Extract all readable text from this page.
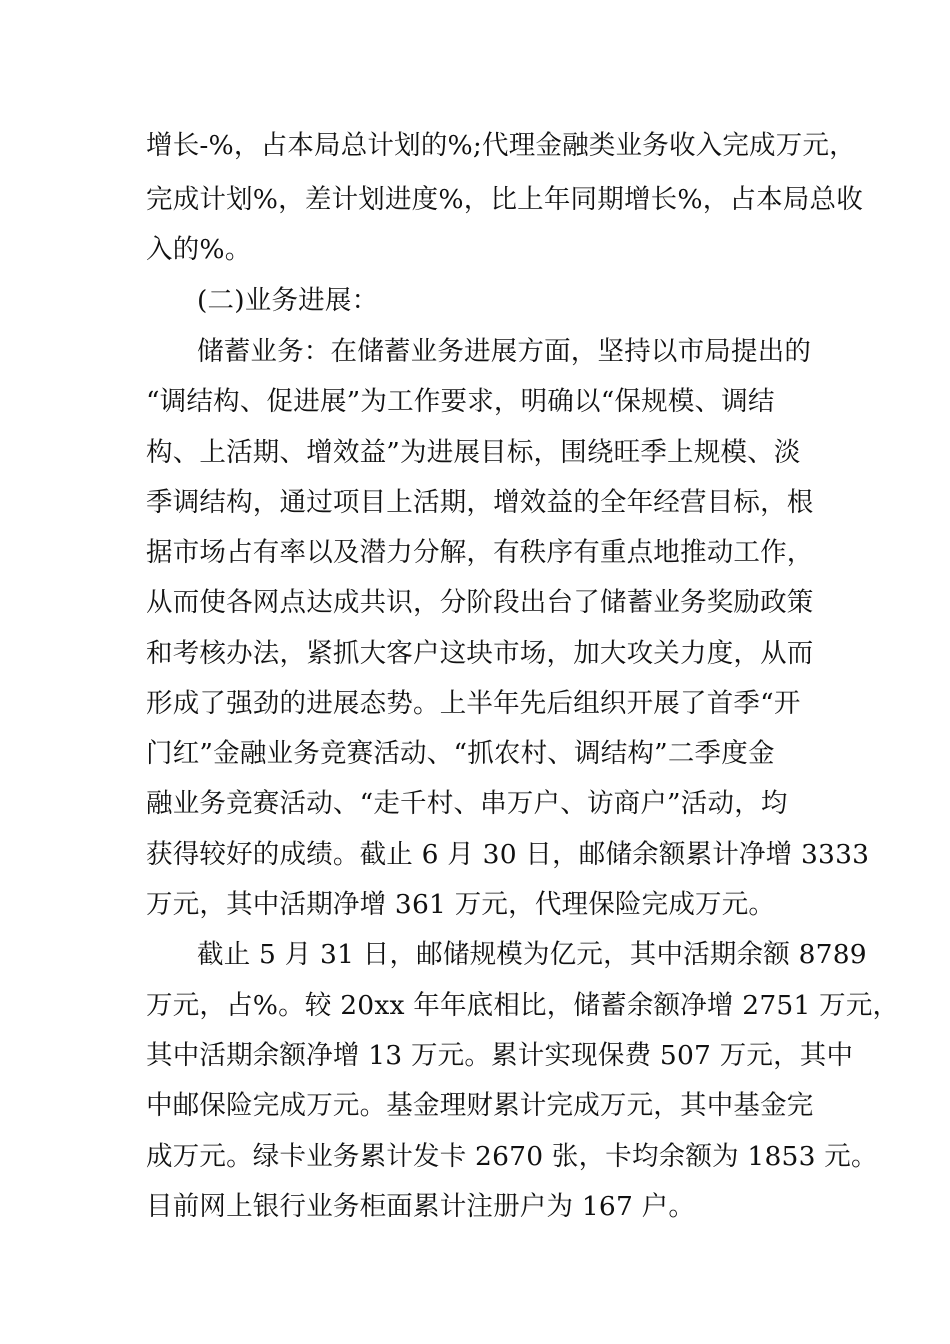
增长-%，占本局总计划的%;代理金融类业务收入完成万元，
完成计划%，差计划进度%，比上年同期增长%，占本局总收
入的%。
(二)业务进展：
储蓄业务：在储蓄业务进展方面，坚持以市局提出的
“调结构、促进展”为工作要求，明确以“保规模、调结
构、上活期、增效益”为进展目标，围绕旺季上规模、淡
季调结构，通过项目上活期，增效益的全年经营目标，根
据市场占有率以及潜力分解，有秩序有重点地推动工作，
从而使各网点达成共识，分阶段出台了储蓄业务奖励政策
和考核办法，紧抓大客户这块市场，加大攻关力度，从而
形成了强劲的进展态势。上半年先后组织开展了首季“开
门红”金融业务竞赛活动、“抓农村、调结构”二季度金
融业务竞赛活动、“走千村、串万户、访商户”活动，均
获得较好的成绩。截止 6 月 30 日，邮储余额累计净增 3333
万元，其中活期净增 361 万元，代理保险完成万元。
截止 5 月 31 日，邮储规模为亿元，其中活期余额 8789
万元，占%。较 20xx 年年底相比，储蓄余额净增 2751 万元，
其中活期余额净增 13 万元。累计实现保费 507 万元，其中
中邮保险完成万元。基金理财累计完成万元，其中基金完
成万元。绿卡业务累计发卡 2670 张，卡均余额为 1853 元。
目前网上银行业务柜面累计注册户为 167 户。
